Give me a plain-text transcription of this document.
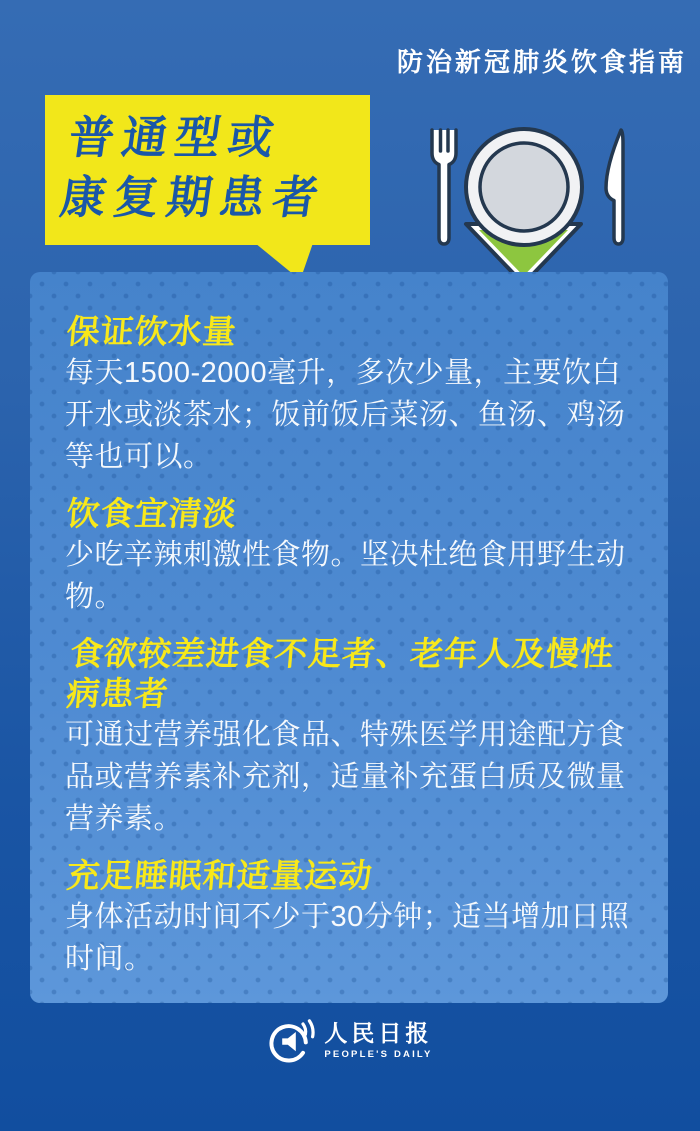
防治新冠肺炎饮食指南
普通型或
康复期患者
保证饮水量

每天1500-2000毫升，多次少量，主要饮白开水或淡茶水；饭前饭后菜汤、鱼汤、鸡汤等也可以。

饮食宜清淡

少吃辛辣刺激性食物。坚决杜绝食用野生动物。

食欲较差进食不足者、老年人及慢性病患者

可通过营养强化食品、特殊医学用途配方食品或营养素补充剂，适量补充蛋白质及微量营养素。

充足睡眠和适量运动

身体活动时间不少于30分钟；适当增加日照时间。

人民日报
PEOPLE'S DAILY
